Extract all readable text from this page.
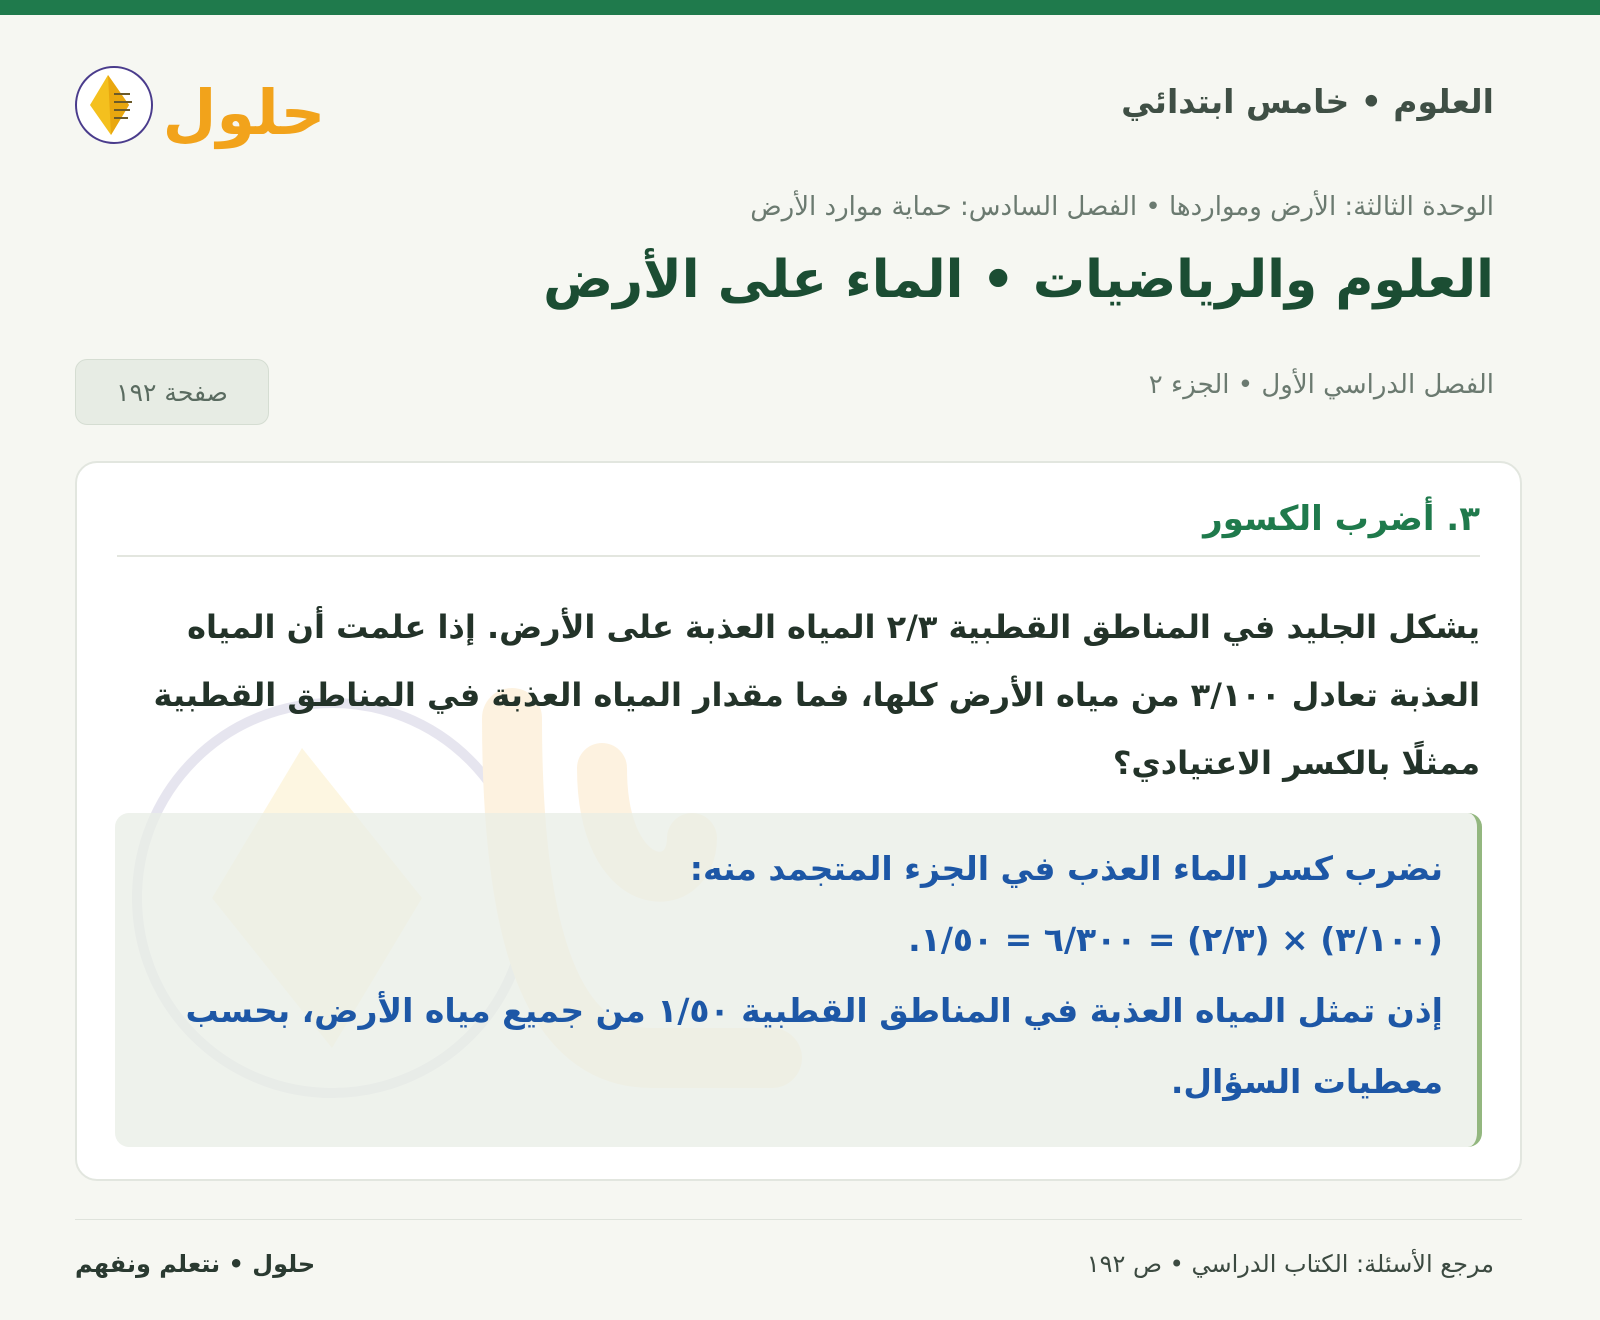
حلول	العلوم • خامس ابتدائي
الوحدة الثالثة: الأرض ومواردها • الفصل السادس: حماية موارد الأرض
العلوم والرياضيات • الماء على الأرض
الفصل الدراسي الأول • الجزء ٢
صفحة ١٩٢
٣. أضرب الكسور

يشكل الجليد في المناطق القطبية ٢/٣ المياه العذبة على الأرض. إذا علمت أن المياه العذبة تعادل ٣/١٠٠ من مياه الأرض كلها، فما مقدار المياه العذبة في المناطق القطبية ممثلًا بالكسر الاعتيادي؟

نضرب كسر الماء العذب في الجزء المتجمد منه:

(٣/١٠٠) × (٢/٣) = ٦/٣٠٠ = ١/٥٠.

إذن تمثل المياه العذبة في المناطق القطبية ١/٥٠ من جميع مياه الأرض، بحسب معطيات السؤال.

مرجع الأسئلة: الكتاب الدراسي • ص ١٩٢
حلول • نتعلم ونفهم
